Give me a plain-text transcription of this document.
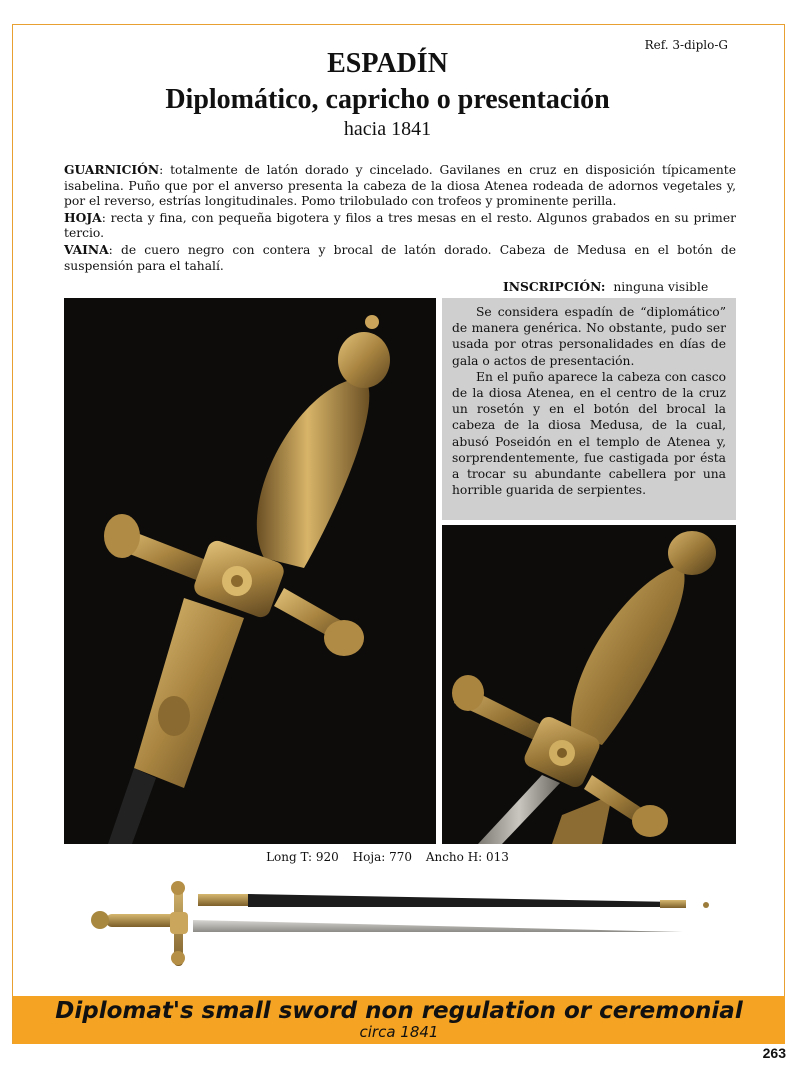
Ref. 3-diplo-G
ESPADÍN
Diplomático, capricho o presentación
hacia 1841

GUARNICIÓN: totalmente de latón dorado y cincelado. Gavilanes en cruz en disposición típicamente isabelina. Puño que por el anverso presenta la cabeza de la diosa Atenea rodeada de adornos vegetales y, por el reverso, estrías longitudinales. Pomo trilobulado con trofeos y prominente perilla.

HOJA: recta y fina, con pequeña bigotera y filos a tres mesas en el resto. Algunos grabados en su primer tercio.

VAINA: de cuero negro con contera y brocal de latón dorado. Cabeza de Medusa en el botón de suspensión para el tahalí.

INSCRIPCIÓN: ninguna visible

Se considera espadín de “diplomático” de manera genérica. No obstante, pudo ser usada por otras personalidades en días de gala o actos de presentación.

En el puño aparece la cabeza con casco de la diosa Atenea, en el centro de la cruz un rosetón y en el botón del brocal la cabeza de la diosa Medusa, de la cual, abusó Poseidón en el templo de Atenea y, sorprendentemente, fue castigada por ésta a trocar su abundante cabellera por una horrible guarida de serpientes.

Long T: 920 Hoja: 770 Ancho H: 013
Diplomat's small sword non regulation or ceremonial
circa 1841
263
